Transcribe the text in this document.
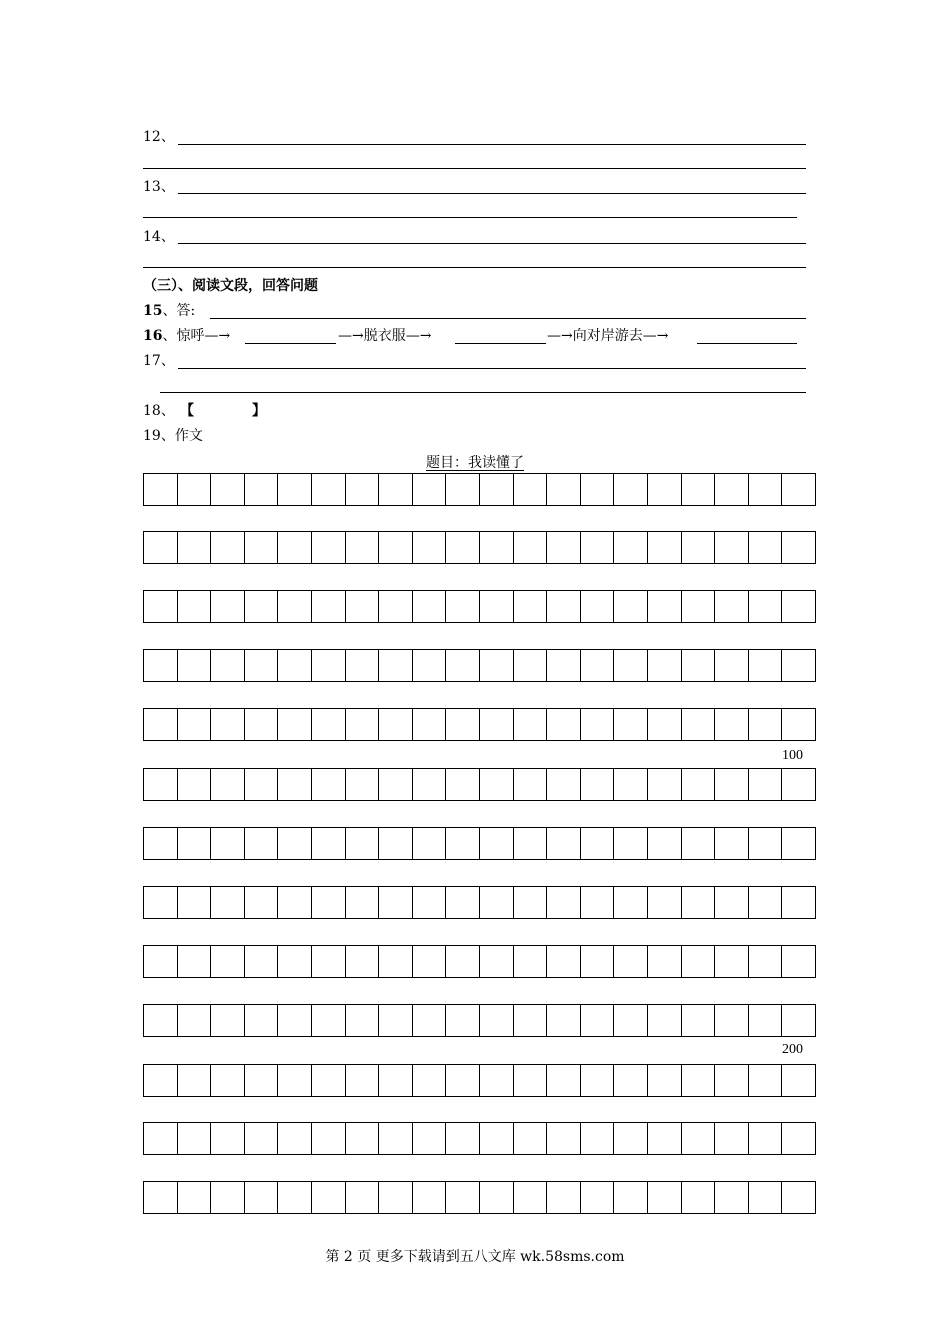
12、
13、
14、
（三）、阅读文段，回答问题
15、答:
16、惊呼—→	—→脱衣服—→	—→向对岸游去—→
17、
18、 【	】
19、作文
题目：我读懂了
100
200
第 2 页 更多下载请到五八文库 wk.58sms.com
